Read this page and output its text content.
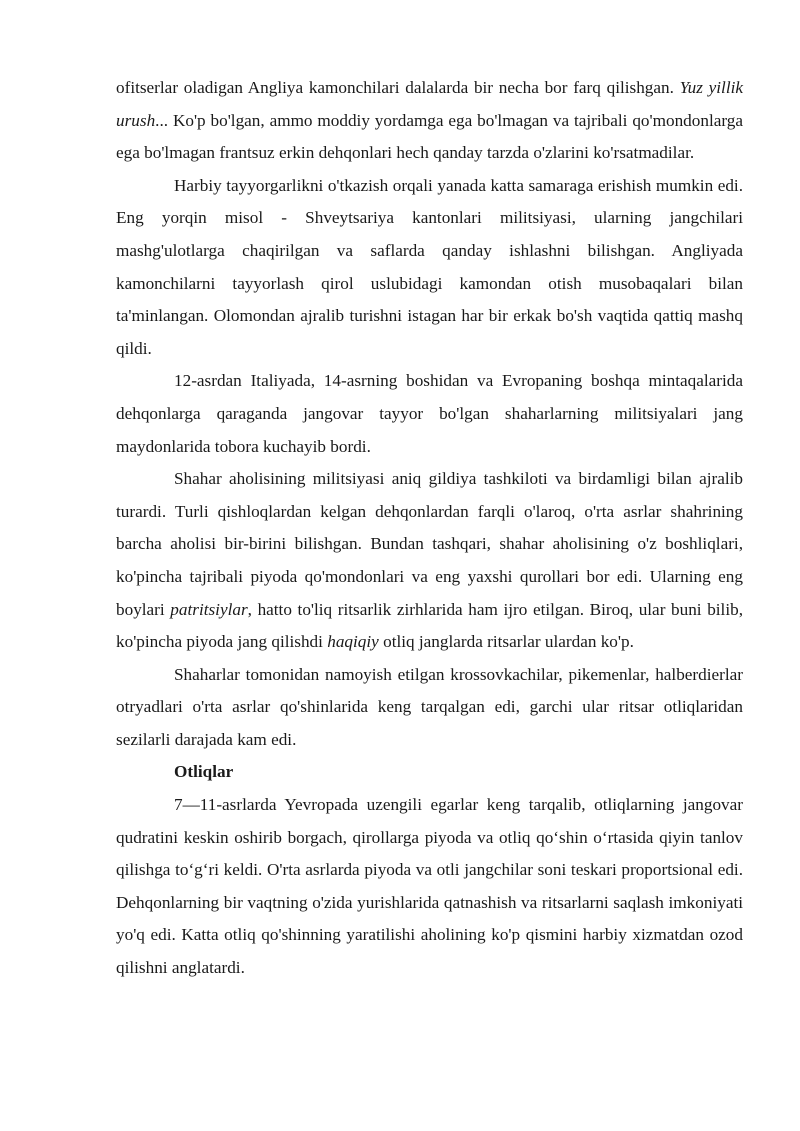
ofitserlar oladigan Angliya kamonchilari dalalarda bir necha bor farq qilishgan. Yuz yillik urush... Ko'p bo'lgan, ammo moddiy yordamga ega bo'lmagan va tajribali qo'mondonlarga ega bo'lmagan frantsuz erkin dehqonlari hech qanday tarzda o'zlarini ko'rsatmadilar.

Harbiy tayyorgarlikni o'tkazish orqali yanada katta samaraga erishish mumkin edi. Eng yorqin misol - Shveytsariya kantonlari militsiyasi, ularning jangchilari mashg'ulotlarga chaqirilgan va saflarda qanday ishlashni bilishgan. Angliyada kamonchilarni tayyorlash qirol uslubidagi kamondan otish musobaqalari bilan ta'minlangan. Olomondan ajralib turishni istagan har bir erkak bo'sh vaqtida qattiq mashq qildi.

12-asrdan Italiyada, 14-asrning boshidan va Evropaning boshqa mintaqalarida dehqonlarga qaraganda jangovar tayyor bo'lgan shaharlarning militsiyalari jang maydonlarida tobora kuchayib bordi.

Shahar aholisining militsiyasi aniq gildiya tashkiloti va birdamligi bilan ajralib turardi. Turli qishloqlardan kelgan dehqonlardan farqli o'laroq, o'rta asrlar shahrining barcha aholisi bir-birini bilishgan. Bundan tashqari, shahar aholisining o'z boshliqlari, ko'pincha tajribali piyoda qo'mondonlari va eng yaxshi qurollari bor edi. Ularning eng boylari patritsiylar, hatto to'liq ritsarlik zirhlarida ham ijro etilgan. Biroq, ular buni bilib, ko'pincha piyoda jang qilishdi haqiqiy otliq janglarda ritsarlar ulardan ko'p.

Shaharlar tomonidan namoyish etilgan krossovkachilar, pikemenlar, halberdierlar otryadlari o'rta asrlar qo'shinlarida keng tarqalgan edi, garchi ular ritsar otliqlaridan sezilarli darajada kam edi.

Otliqlar

7—11-asrlarda Yevropada uzengili egarlar keng tarqalib, otliqlarning jangovar qudratini keskin oshirib borgach, qirollarga piyoda va otliq qo‘shin o‘rtasida qiyin tanlov qilishga to‘g‘ri keldi. O'rta asrlarda piyoda va otli jangchilar soni teskari proportsional edi. Dehqonlarning bir vaqtning o'zida yurishlarida qatnashish va ritsarlarni saqlash imkoniyati yo'q edi. Katta otliq qo'shinning yaratilishi aholining ko'p qismini harbiy xizmatdan ozod qilishni anglatardi.
